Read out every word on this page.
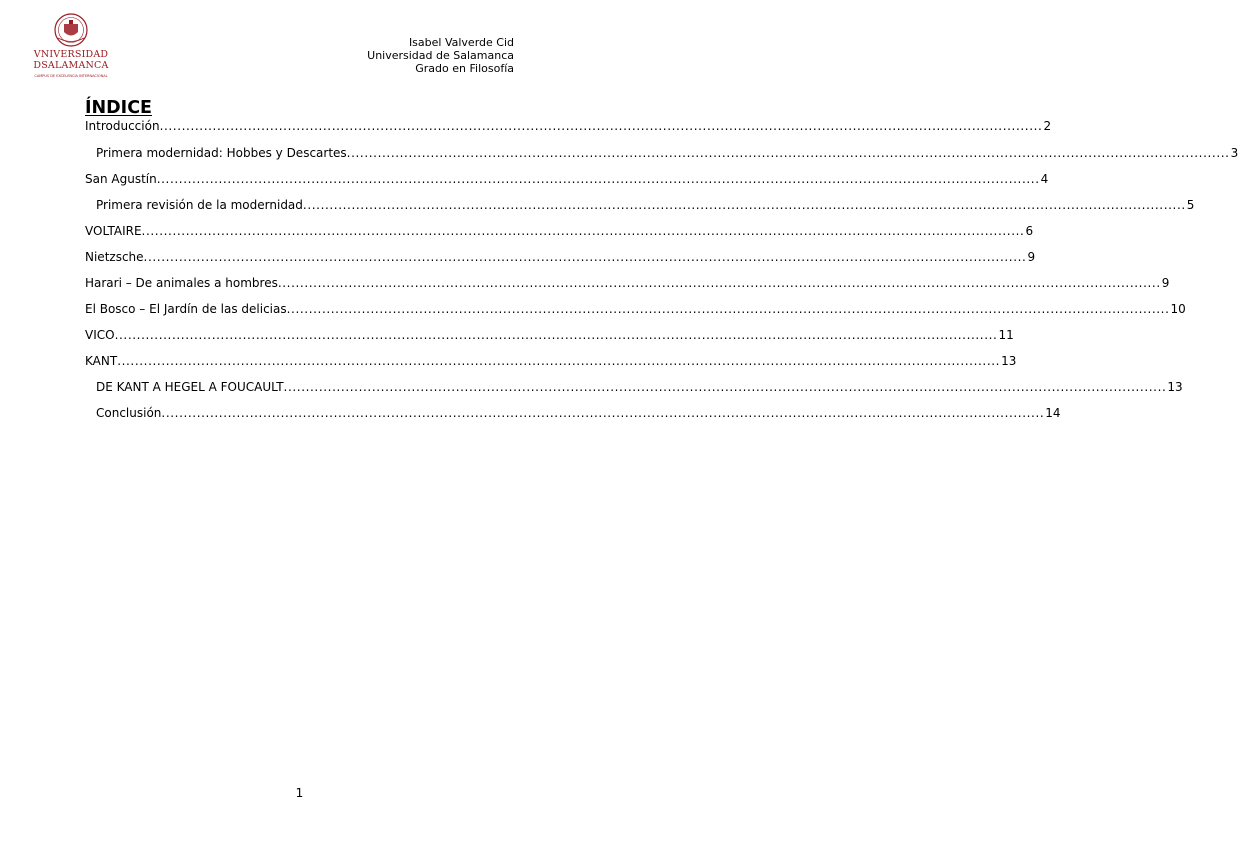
VNIVERSIDAD
DSALAMANCA
CAMPUS DE EXCELENCIA INTERNACIONAL
Isabel Valverde Cid
Universidad de Salamanca
Grado en Filosofía
ÍNDICE
Introducción ........................................................................................................................................................................................................ 2
Primera modernidad: Hobbes y Descartes ........................................................................................................................................................................................................ 3
San Agustín ........................................................................................................................................................................................................ 4
Primera revisión de la modernidad ........................................................................................................................................................................................................ 5
VOLTAIRE ........................................................................................................................................................................................................ 6
Nietzsche ........................................................................................................................................................................................................ 9
Harari – De animales a hombres ........................................................................................................................................................................................................ 9
El Bosco – El Jardín de las delicias ........................................................................................................................................................................................................ 10
VICO ........................................................................................................................................................................................................ 11
KANT ........................................................................................................................................................................................................ 13
DE KANT A HEGEL A FOUCAULT ........................................................................................................................................................................................................ 13
Conclusión ........................................................................................................................................................................................................ 14
1
